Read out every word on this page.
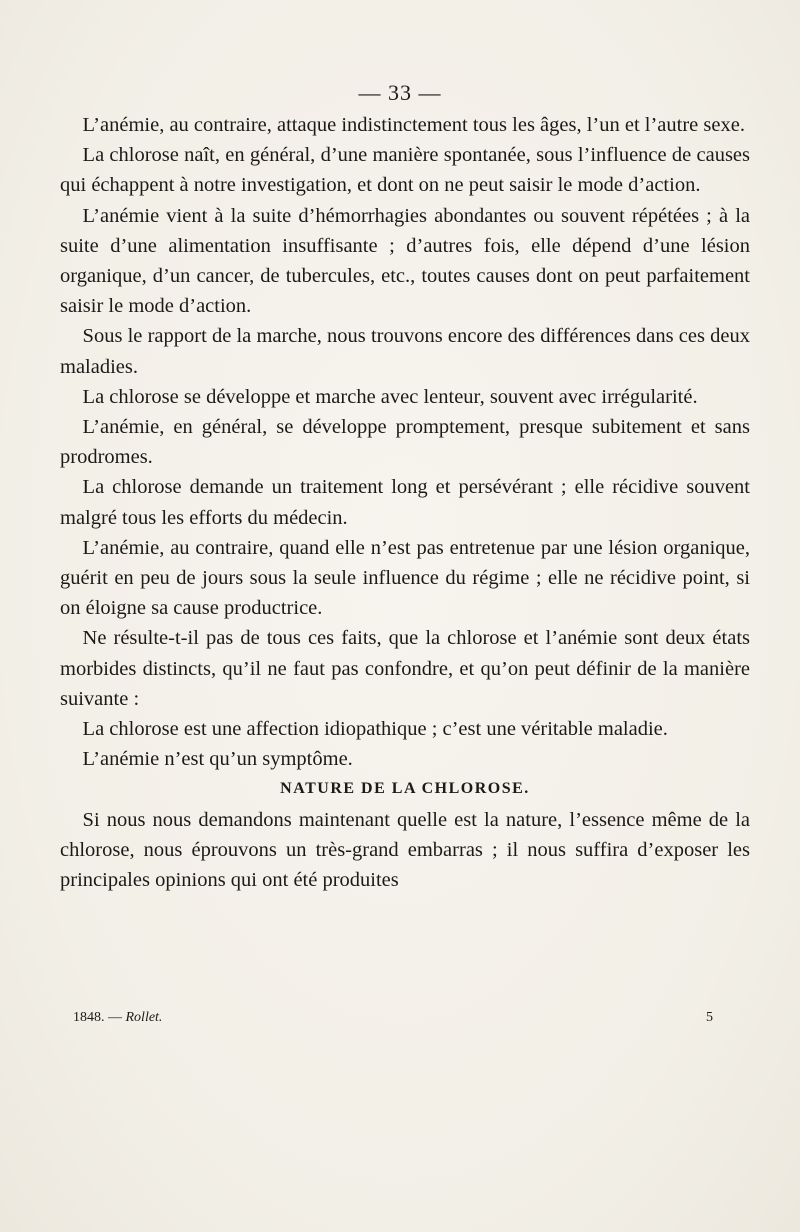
— 33 —

L’anémie, au contraire, attaque indistinctement tous les âges, l’un et l’autre sexe.

La chlorose naît, en général, d’une manière spontanée, sous l’influence de causes qui échappent à notre investigation, et dont on ne peut saisir le mode d’action.

L’anémie vient à la suite d’hémorrhagies abondantes ou souvent répétées ; à la suite d’une alimentation insuffisante ; d’autres fois, elle dépend d’une lésion organique, d’un cancer, de tubercules, etc., toutes causes dont on peut parfaitement saisir le mode d’action.

Sous le rapport de la marche, nous trouvons encore des différences dans ces deux maladies.

La chlorose se développe et marche avec lenteur, souvent avec irrégularité.

L’anémie, en général, se développe promptement, presque subitement et sans prodromes.

La chlorose demande un traitement long et persévérant ; elle récidive souvent malgré tous les efforts du médecin.

L’anémie, au contraire, quand elle n’est pas entretenue par une lésion organique, guérit en peu de jours sous la seule influence du régime ; elle ne récidive point, si on éloigne sa cause productrice.

Ne résulte-t-il pas de tous ces faits, que la chlorose et l’anémie sont deux états morbides distincts, qu’il ne faut pas confondre, et qu’on peut définir de la manière suivante :

La chlorose est une affection idiopathique ; c’est une véritable maladie.

L’anémie n’est qu’un symptôme.

NATURE DE LA CHLOROSE.

Si nous nous demandons maintenant quelle est la nature, l’essence même de la chlorose, nous éprouvons un très-grand embarras ; il nous suffira d’exposer les principales opinions qui ont été produites

1848. — Rollet.	5
